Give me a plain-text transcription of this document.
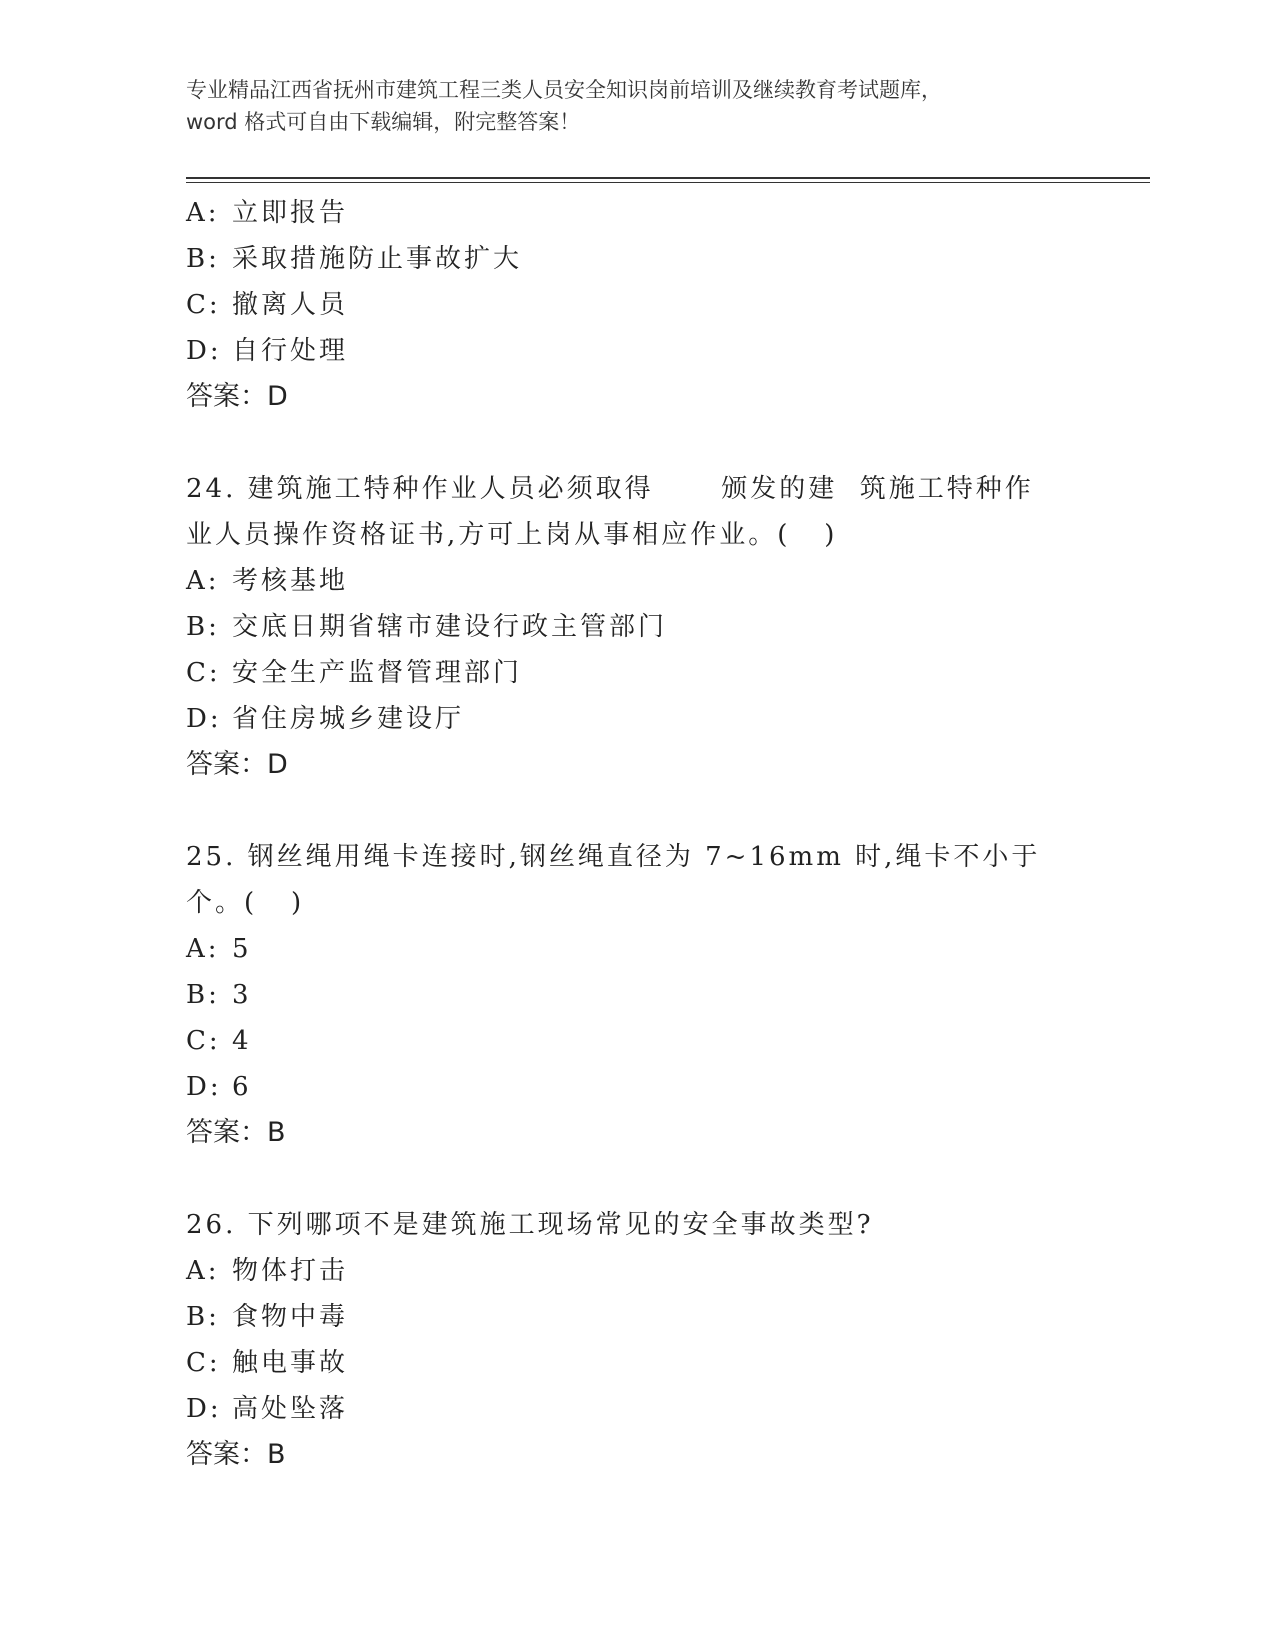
专业精品江西省抚州市建筑工程三类人员安全知识岗前培训及继续教育考试题库，
word 格式可自由下载编辑，附完整答案！
A: 立即报告
B: 采取措施防止事故扩大
C: 撤离人员
D: 自行处理
答案：D
24. 建筑施工特种作业人员必须取得      颁发的建  筑施工特种作
业人员操作资格证书,方可上岗从事相应作业。(   )
A: 考核基地
B: 交底日期省辖市建设行政主管部门
C: 安全生产监督管理部门
D: 省住房城乡建设厅
答案：D
25. 钢丝绳用绳卡连接时,钢丝绳直径为 7~16mm 时,绳卡不小于
个。(   )
A: 5
B: 3
C: 4
D: 6
答案：B
26. 下列哪项不是建筑施工现场常见的安全事故类型?
A: 物体打击
B: 食物中毒
C: 触电事故
D: 高处坠落
答案：B
